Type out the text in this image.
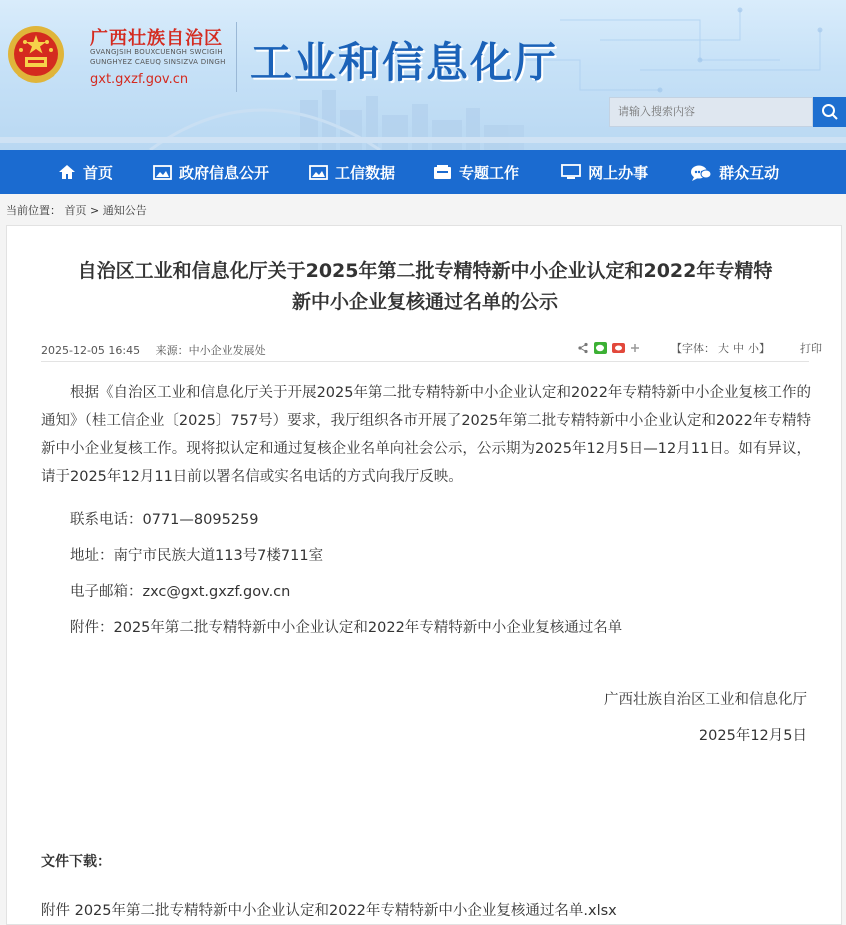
广西壮族自治区
GVANGJSIH BOUXCUENGH SWCIGIH
GUNGHYEZ CAEUQ SINSIZVA DINGH
gxt.gxzf.gov.cn 工业和信息化厅
请输入搜索内容
首页	政府信息公开	工信数据	专题工作	网上办事	群众互动
当前位置： 首页 > 通知公告
自治区工业和信息化厅关于2025年第二批专精特新中小企业认定和2022年专精特
新中小企业复核通过名单的公示
2025-12-05 16:45 来源：中小企业发展处	【字体： 大 中 小 】	打印

根据《自治区工业和信息化厅关于开展2025年第二批专精特新中小企业认定和2022年专精特新中小企业复核工作的通知》（桂工信企业〔2025〕757号）要求，我厅组织各市开展了2025年第二批专精特新中小企业认定和2022年专精特新中小企业复核工作。现将拟认定和通过复核企业名单向社会公示，公示期为2025年12月5日—12月11日。如有异议，请于2025年12月11日前以署名信或实名电话的方式向我厅反映。

联系电话：0771—8095259
地址：南宁市民族大道113号7楼711室
电子邮箱：zxc@gxt.gxzf.gov.cn
附件：2025年第二批专精特新中小企业认定和2022年专精特新中小企业复核通过名单
广西壮族自治区工业和信息化厅
2025年12月5日
文件下载：
附件 2025年第二批专精特新中小企业认定和2022年专精特新中小企业复核通过名单.xlsx
